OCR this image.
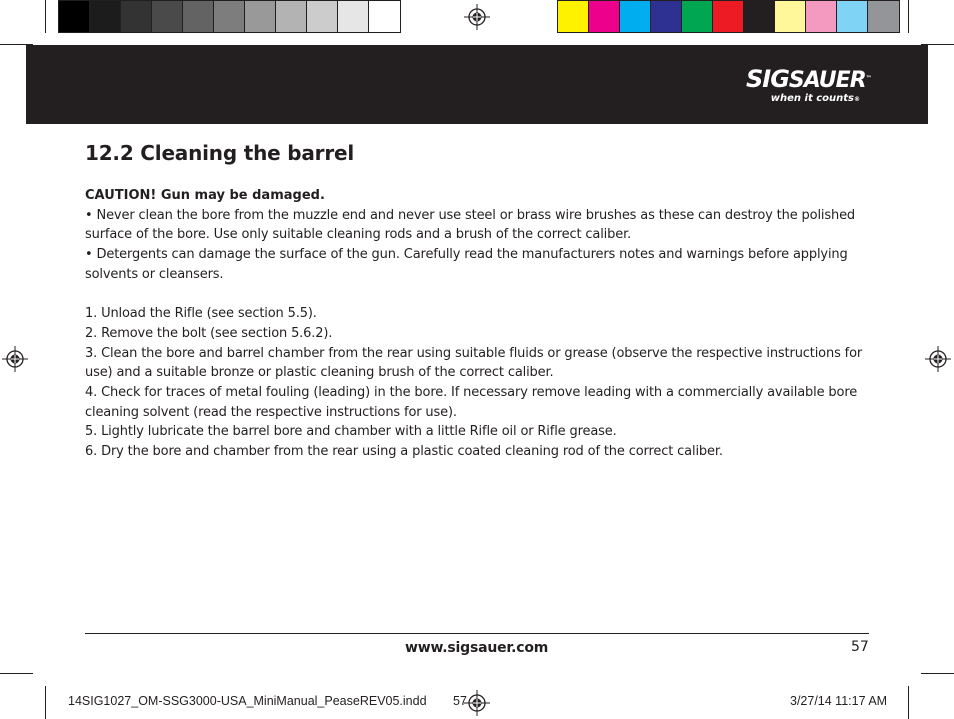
SIGSAUER™
when it counts®
12.2 Cleaning the barrel
CAUTION! Gun may be damaged.
• Never clean the bore from the muzzle end and never use steel or brass wire brushes as these can destroy the polished surface of the bore. Use only suitable cleaning rods and a brush of the correct caliber.
• Detergents can damage the surface of the gun. Carefully read the manufacturers notes and warnings before applying solvents or cleansers.
1. Unload the Rifle (see section 5.5).
2. Remove the bolt (see section 5.6.2).
3. Clean the bore and barrel chamber from the rear using suitable fluids or grease (observe the respective instructions for use) and a suitable bronze or plastic cleaning brush of the correct caliber.
4. Check for traces of metal fouling (leading) in the bore. If necessary remove leading with a commercially available bore cleaning solvent (read the respective instructions for use).
5. Lightly lubricate the barrel bore and chamber with a little Rifle oil or Rifle grease.
6. Dry the bore and chamber from the rear using a plastic coated cleaning rod of the correct caliber.
www.sigsauer.com	57
14SIG1027_OM-SSG3000-USA_MiniManual_PeaseREV05.indd 57	3/27/14 11:17 AM
